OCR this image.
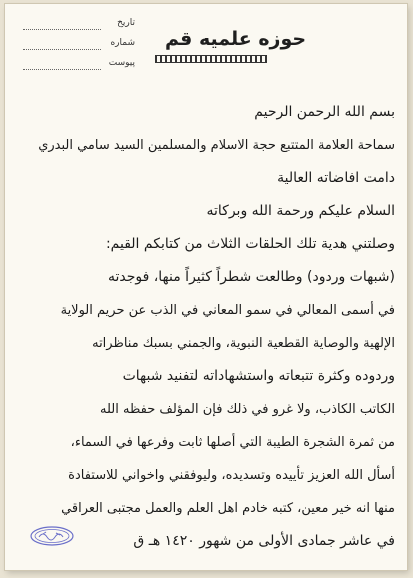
تاريخ
شماره
پيوست
حوزه علميه قم
بسم الله الرحمن الرحيم
سماحة العلامة المتتبع حجة الاسلام والمسلمين السيد سامي البدري
دامت افاضاته العالية
السلام عليكم ورحمة الله وبركاته
وصلتني هدية تلك الحلقات الثلاث من كتابكم القيم:
(شبهات وردود) وطالعت شطراً كثيراً منها، فوجدته
في أسمى المعالي في سمو المعاني في الذب عن حريم الولاية
الإلهية والوصاية القطعية النبوية، والجمني بسبك مناظراته
وردوده وكثرة تتبعاته واستشهاداته لتفنيد شبهات
الكاتب الكاذب، ولا غرو في ذلك فإن المؤلف حفظه الله
من ثمرة الشجرة الطيبة التي أصلها ثابت وفرعها في السماء،
أسأل الله العزيز تأييده وتسديده، وليوفقني واخواني للاستفادة
منها انه خير معين، كتبه خادم اهل العلم والعمل مجتبى العراقي
في عاشر جمادى الأولى من شهور ١٤٢٠ هـ ق
